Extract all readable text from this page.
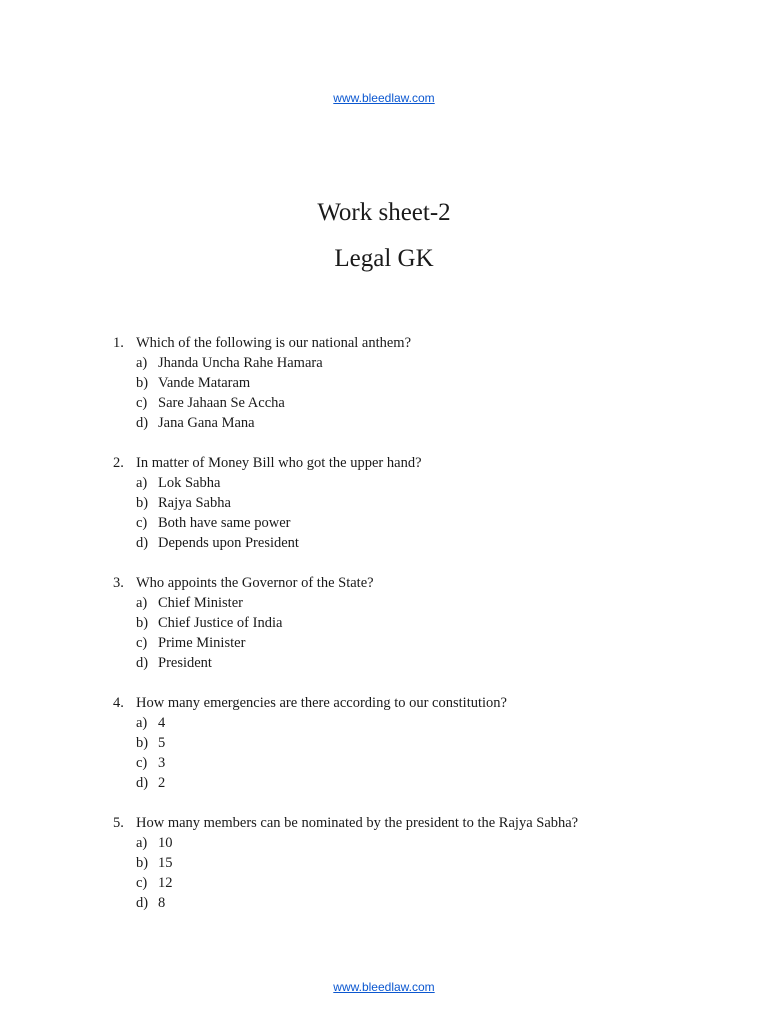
www.bleedlaw.com
Work sheet-2
Legal GK
1. Which of the following is our national anthem?
a) Jhanda Uncha Rahe Hamara
b) Vande Mataram
c) Sare Jahaan Se Accha
d) Jana Gana Mana
2. In matter of Money Bill who got the upper hand?
a) Lok Sabha
b) Rajya Sabha
c) Both have same power
d) Depends upon President
3. Who appoints the Governor of the State?
a) Chief Minister
b) Chief Justice of India
c) Prime Minister
d) President
4. How many emergencies are there according to our constitution?
a) 4
b) 5
c) 3
d) 2
5. How many members can be nominated by the president to the Rajya Sabha?
a) 10
b) 15
c) 12
d) 8
www.bleedlaw.com
